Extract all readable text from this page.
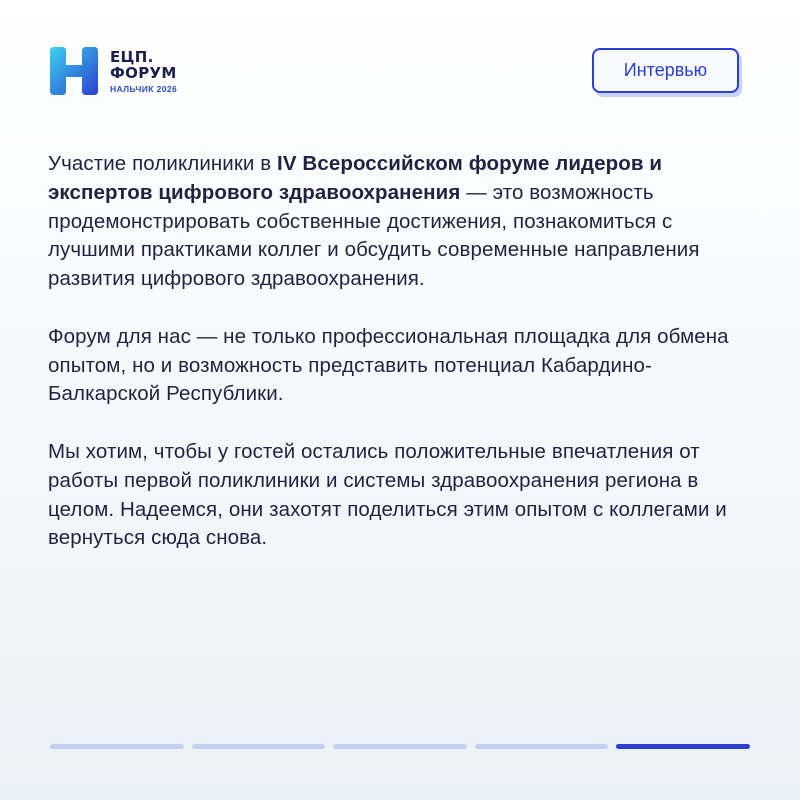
ЕЦП.
ФОРУМ
НАЛЬЧИК 2026
Интервью

Участие поликлиники в IV Всероссийском форуме лидеров и экспертов цифрового здравоохранения — это возможность продемонстрировать собственные достижения, познакомиться с лучшими практиками коллег и обсудить современные направления развития цифрового здравоохранения.

Форум для нас — не только профессиональная площадка для обмена опытом, но и возможность представить потенциал Кабардино-Балкарской Республики.

Мы хотим, чтобы у гостей остались положительные впечатления от работы первой поликлиники и системы здравоохранения региона в целом. Надеемся, они захотят поделиться этим опытом с коллегами и вернуться сюда снова.
